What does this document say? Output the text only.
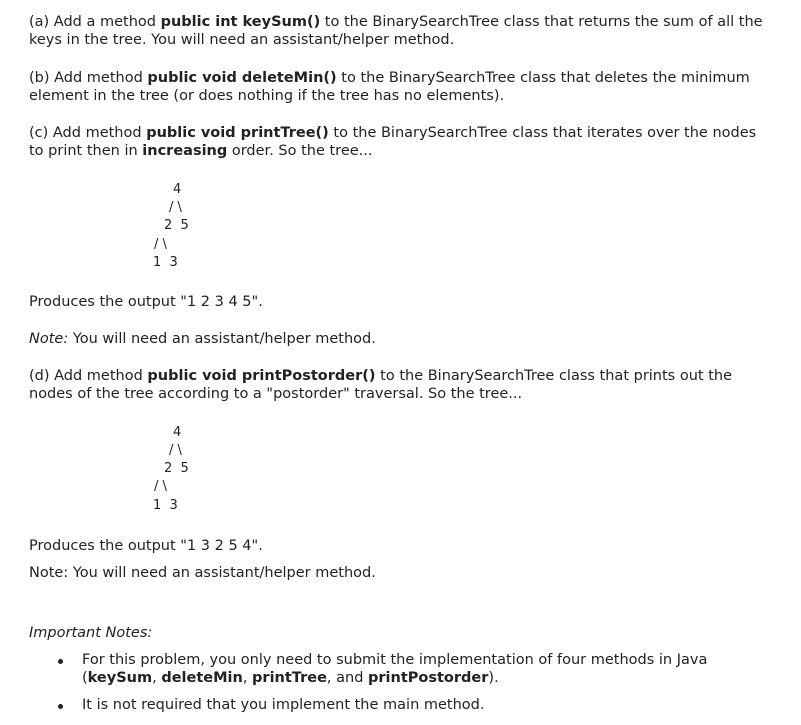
(a) Add a method public int keySum() to the BinarySearchTree class that returns the sum of all the keys in the tree. You will need an assistant/helper method.

(b) Add method public void deleteMin() to the BinarySearchTree class that deletes the minimum element in the tree (or does nothing if the tree has no elements).

(c) Add method public void printTree() to the BinarySearchTree class that iterates over the nodes to print then in increasing order. So the tree...

4
/ \
2  5
/ \
1  3

Produces the output "1 2 3 4 5".

Note: You will need an assistant/helper method.

(d) Add method public void printPostorder() to the BinarySearchTree class that prints out the nodes of the tree according to a "postorder" traversal. So the tree...

4
/ \
2  5
/ \
1  3

Produces the output "1 3 2 5 4".

Note: You will need an assistant/helper method.

Important Notes:

For this problem, you only need to submit the implementation of four methods in Java (keySum, deleteMin, printTree, and printPostorder).
It is not required that you implement the main method.
